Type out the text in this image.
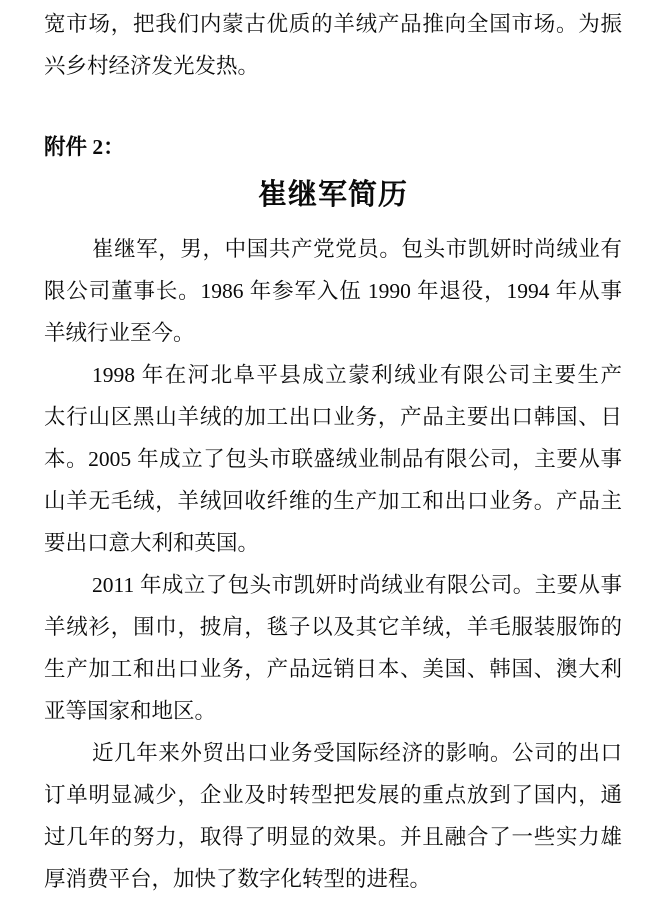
宽市场，把我们内蒙古优质的羊绒产品推向全国市场。为振
兴乡村经济发光发热。
附件 2：
崔继军简历
崔继军，男，中国共产党党员。包头市凯妍时尚绒业有
限公司董事长。1986 年参军入伍 1990 年退役，1994 年从事
羊绒行业至今。
1998 年在河北阜平县成立蒙利绒业有限公司主要生产
太行山区黑山羊绒的加工出口业务，产品主要出口韩国、日
本。2005 年成立了包头市联盛绒业制品有限公司，主要从事
山羊无毛绒，羊绒回收纤维的生产加工和出口业务。产品主
要出口意大利和英国。
2011 年成立了包头市凯妍时尚绒业有限公司。主要从事
羊绒衫，围巾，披肩，毯子以及其它羊绒，羊毛服装服饰的
生产加工和出口业务，产品远销日本、美国、韩国、澳大利
亚等国家和地区。
近几年来外贸出口业务受国际经济的影响。公司的出口
订单明显减少，企业及时转型把发展的重点放到了国内，通
过几年的努力，取得了明显的效果。并且融合了一些实力雄
厚消费平台，加快了数字化转型的进程。
